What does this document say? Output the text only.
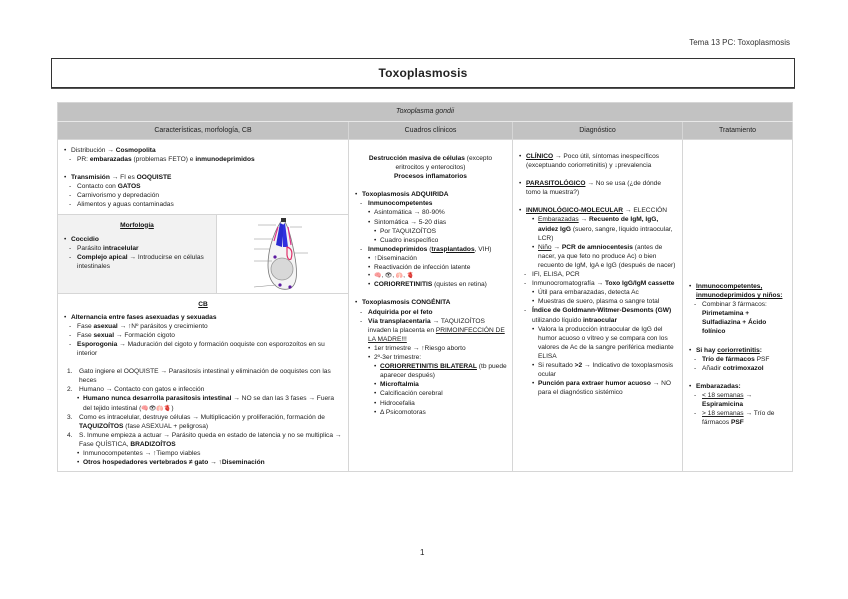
Tema 13 PC: Toxoplasmosis
Toxoplasmosis
Toxoplasma gondii
Características, morfología, CB	Cuadros clínicos	Diagnóstico	Tratamiento

• Distribución → Cosmopolita
- PR: embarazadas (problemas FETO) e inmunodeprimidos
• Transmisión → FI es OOQUISTE
- Contacto con GATOS
- Carnivorismo y depredación
- Alimentos y aguas contaminadas
Morfología
• Coccidio
- Parásito intracelular
- Complejo apical → Introducirse en células intestinales

CB
• Alternancia entre fases asexuadas y sexuadas
- Fase asexual → ↑Nº parásitos y crecimiento
- Fase sexual → Formación cigoto
- Esporogonia → Maduración del cigoto y formación ooquiste con esporozoítos en su interior
1. Gato ingiere el OOQUISTE → Parasitosis intestinal y eliminación de ooquistes con las heces
2. Humano → Contacto con gatos e infección
• Humano nunca desarrolla parasitosis intestinal → NO se dan las 3 fases → Fuera del tejido intestinal (🧠👁🫁🫀)
3. Como es intracelular, destruye células → Multiplicación y proliferación, formación de TAQUIZOÍTOS (fase ASEXUAL + peligrosa)
4. S. Inmune empieza a actuar → Parásito queda en estado de latencia y no se multiplica → Fase QUÍSTICA, BRADIZOÍTOS
• Inmunocompetentes → ↑Tiempo viables
• Otros hospedadores vertebrados ≠ gato → ↑Diseminación

Destrucción masiva de células (excepto eritrocitos y enterocitos)
Procesos inflamatorios
• Toxoplasmosis ADQUIRIDA
- Inmunocompetentes
• Asintomática → 80-90%
• Sintomática → 5-20 días
• Por TAQUIZOÍTOS
• Cuadro inespecífico
- Inmunodeprimidos (trasplantados, VIH)
• ↑Diseminación
• Reactivación de infección latente
• 🧠, 👁, 🫁, 🫀
• CORIORRETINITIS (quistes en retina)
• Toxoplasmosis CONGÉNITA
- Adquirida por el feto
- Vía transplacentaria → TAQUIZOÍTOS invaden la placenta en PRIMOINFECCIÓN DE LA MADRE!!!
• 1er trimestre → ↑Riesgo aborto
• 2º-3er trimestre:
• CORIORRETINITIS BILATERAL (tb puede aparecer después)
• Microftalmia
• Calcificación cerebral
• Hidrocefalia
• Δ Psicomotoras

• CLÍNICO → Poco útil, síntomas inespecíficos (exceptuando coriorretinitis) y ↓prevalencia
• PARASITOLÓGICO → No se usa (¿de dónde tomo la muestra?)
• INMUNOLÓGICO-MOLECULAR → ELECCIÓN
• Embarazadas → Recuento de IgM, IgG, avidez IgG (suero, sangre, líquido intraocular, LCR)
• Niño → PCR de amniocentesis (antes de nacer, ya que feto no produce Ac) o bien recuento de IgM, IgA e IgG (después de nacer)
- IFI, ELISA, PCR
- Inmunocromatografía → Toxo IgG/IgM cassette
• Útil para embarazadas, detecta Ac
• Muestras de suero, plasma o sangre total
- Índice de Goldmann-Witmer-Desmonts (GW) utilizando líquido intraocular
• Valora la producción intraocular de IgG del humor acuoso o vítreo y se compara con los valores de Ac de la sangre periférica mediante ELISA
• Si resultado >2 → Indicativo de toxoplasmosis ocular
• Punción para extraer humor acuoso → NO para el diagnóstico sistémico

• Inmunocompetentes, inmunodeprimidos y niños:
- Combinar 3 fármacos: Pirimetamina + Sulfadiazina + Ácido folínico
• Si hay coriorretinitis:
- Trío de fármacos PSF
- Añadir cotrimoxazol
• Embarazadas:
- < 18 semanas → Espiramicina
- > 18 semanas → Trío de fármacos PSF
1
